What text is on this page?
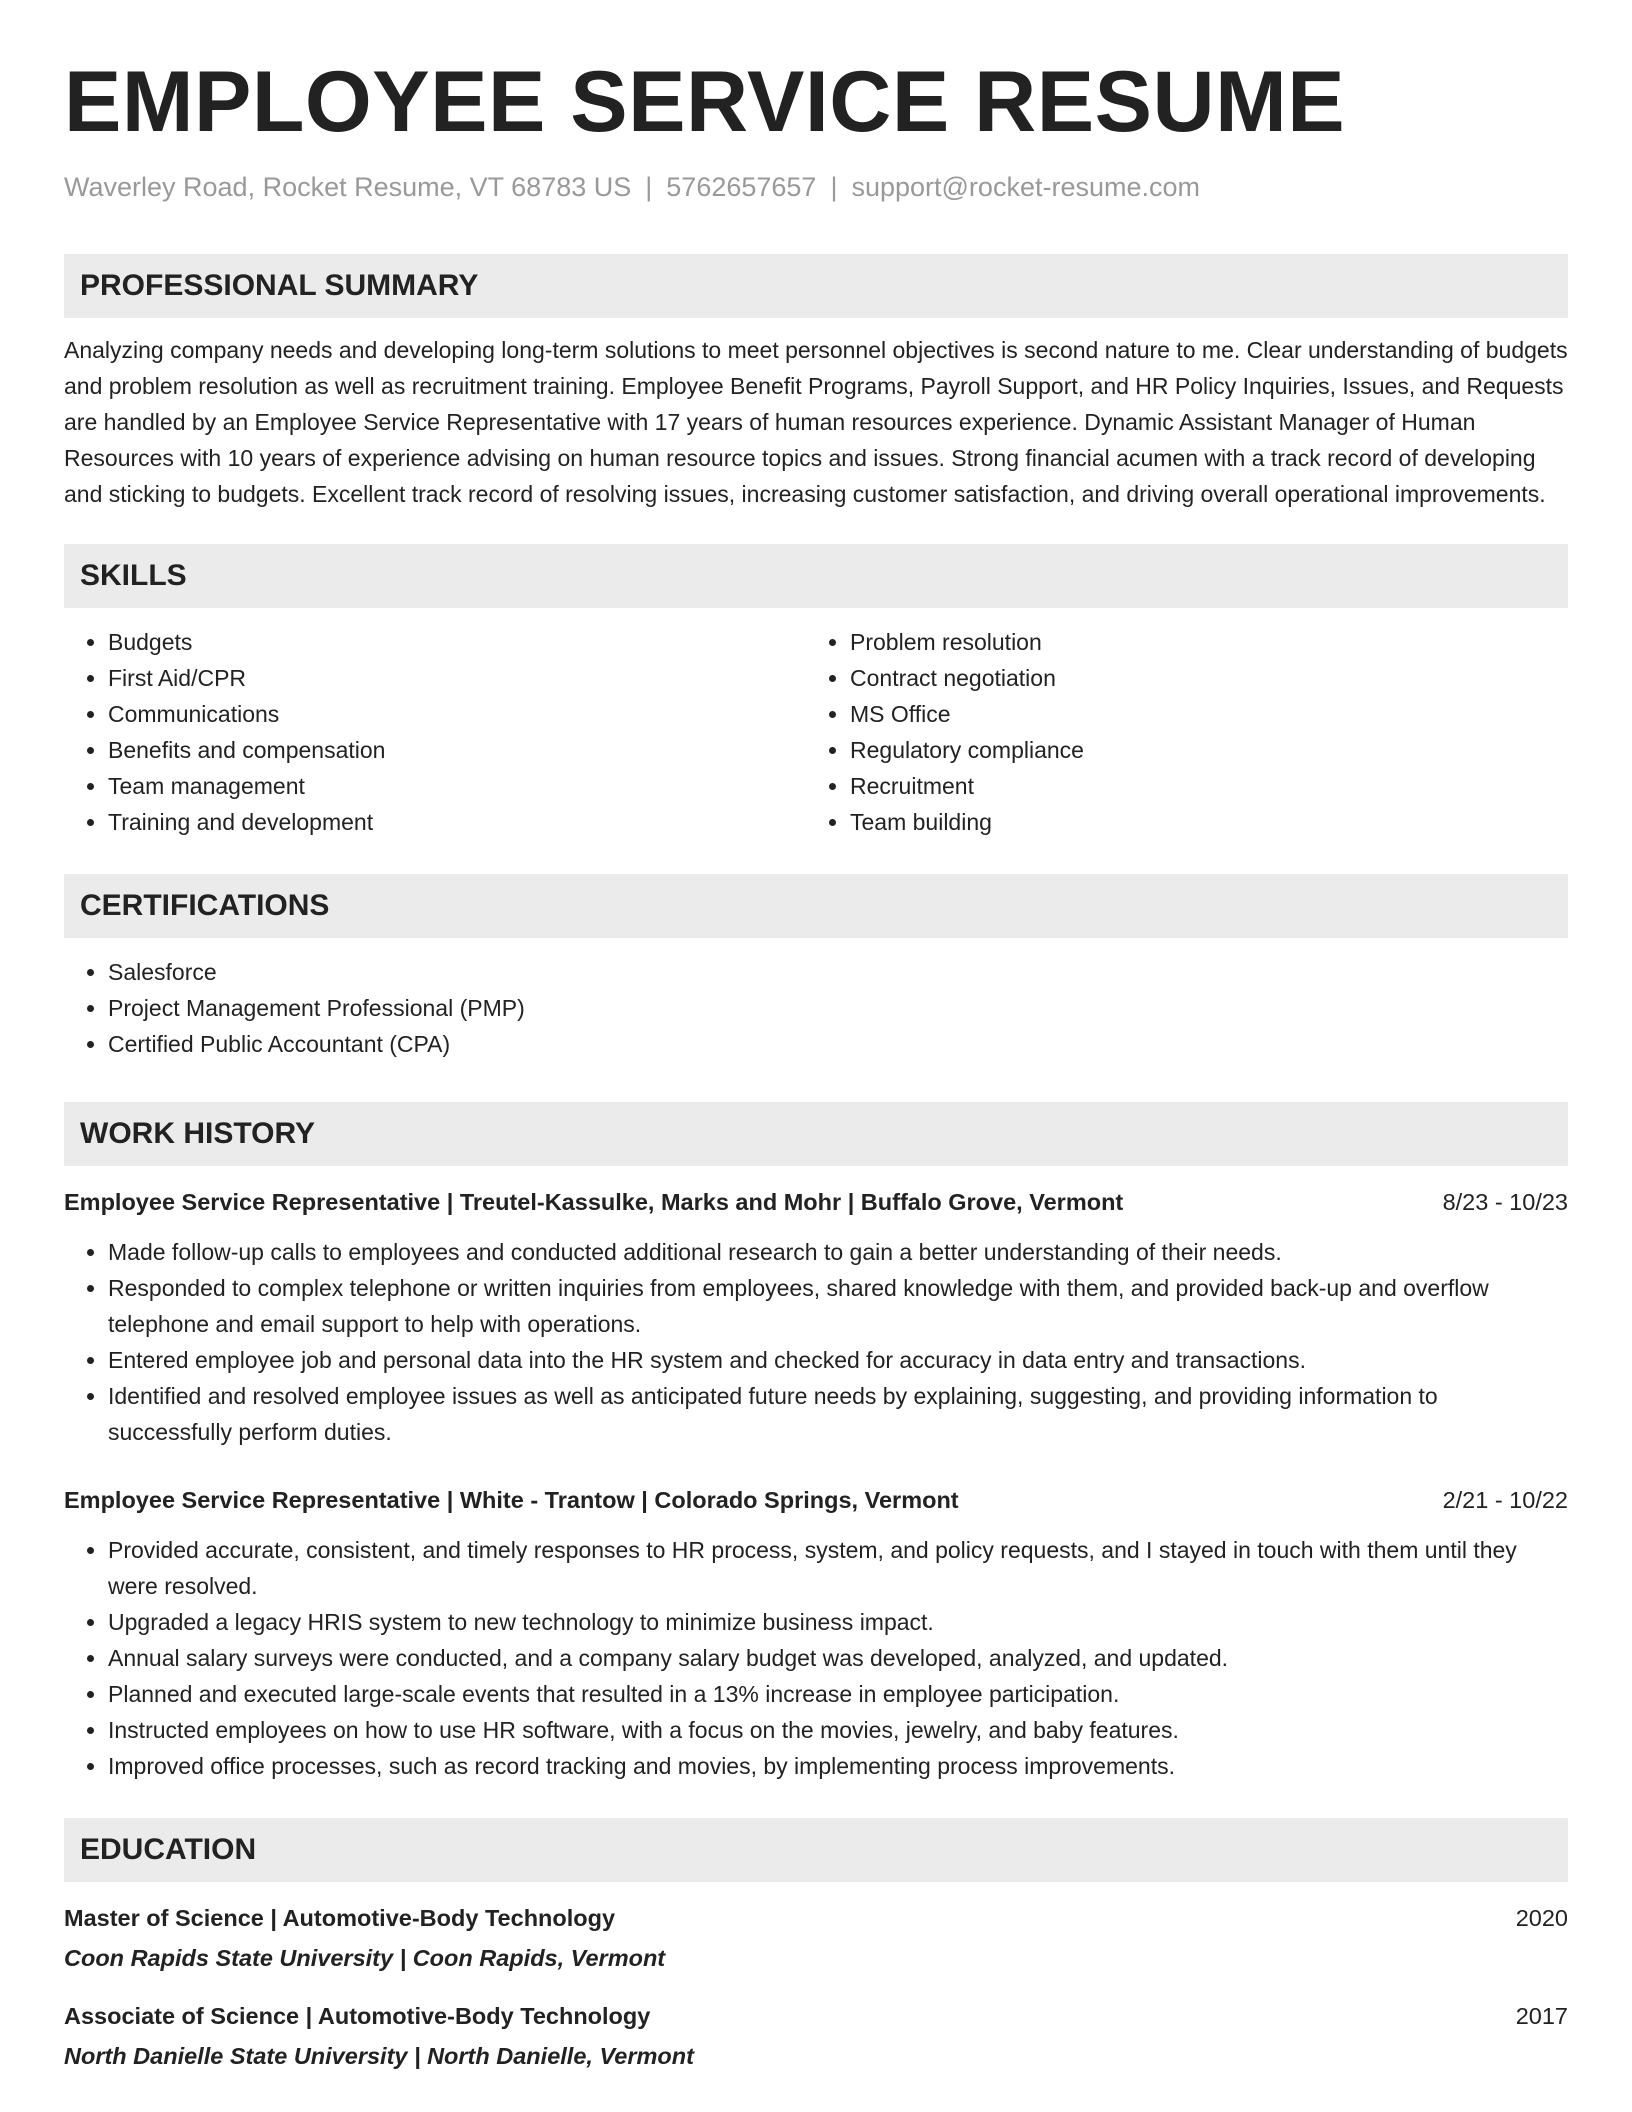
EMPLOYEE SERVICE RESUME
Waverley Road, Rocket Resume, VT 68783 US | 5762657657 | support@rocket-resume.com
PROFESSIONAL SUMMARY
Analyzing company needs and developing long-term solutions to meet personnel objectives is second nature to me. Clear understanding of budgets and problem resolution as well as recruitment training. Employee Benefit Programs, Payroll Support, and HR Policy Inquiries, Issues, and Requests are handled by an Employee Service Representative with 17 years of human resources experience. Dynamic Assistant Manager of Human Resources with 10 years of experience advising on human resource topics and issues. Strong financial acumen with a track record of developing and sticking to budgets. Excellent track record of resolving issues, increasing customer satisfaction, and driving overall operational improvements.
SKILLS
• Budgets
• First Aid/CPR
• Communications
• Benefits and compensation
• Team management
• Training and development
• Problem resolution
• Contract negotiation
• MS Office
• Regulatory compliance
• Recruitment
• Team building
CERTIFICATIONS
• Salesforce
• Project Management Professional (PMP)
• Certified Public Accountant (CPA)
WORK HISTORY
Employee Service Representative | Treutel-Kassulke, Marks and Mohr | Buffalo Grove, Vermont	8/23 - 10/23
• Made follow-up calls to employees and conducted additional research to gain a better understanding of their needs.
• Responded to complex telephone or written inquiries from employees, shared knowledge with them, and provided back-up and overflow telephone and email support to help with operations.
• Entered employee job and personal data into the HR system and checked for accuracy in data entry and transactions.
• Identified and resolved employee issues as well as anticipated future needs by explaining, suggesting, and providing information to successfully perform duties.
Employee Service Representative | White - Trantow | Colorado Springs, Vermont	2/21 - 10/22
• Provided accurate, consistent, and timely responses to HR process, system, and policy requests, and I stayed in touch with them until they were resolved.
• Upgraded a legacy HRIS system to new technology to minimize business impact.
• Annual salary surveys were conducted, and a company salary budget was developed, analyzed, and updated.
• Planned and executed large-scale events that resulted in a 13% increase in employee participation.
• Instructed employees on how to use HR software, with a focus on the movies, jewelry, and baby features.
• Improved office processes, such as record tracking and movies, by implementing process improvements.
EDUCATION
Master of Science | Automotive-Body Technology	2020
Coon Rapids State University | Coon Rapids, Vermont
Associate of Science | Automotive-Body Technology	2017
North Danielle State University | North Danielle, Vermont
